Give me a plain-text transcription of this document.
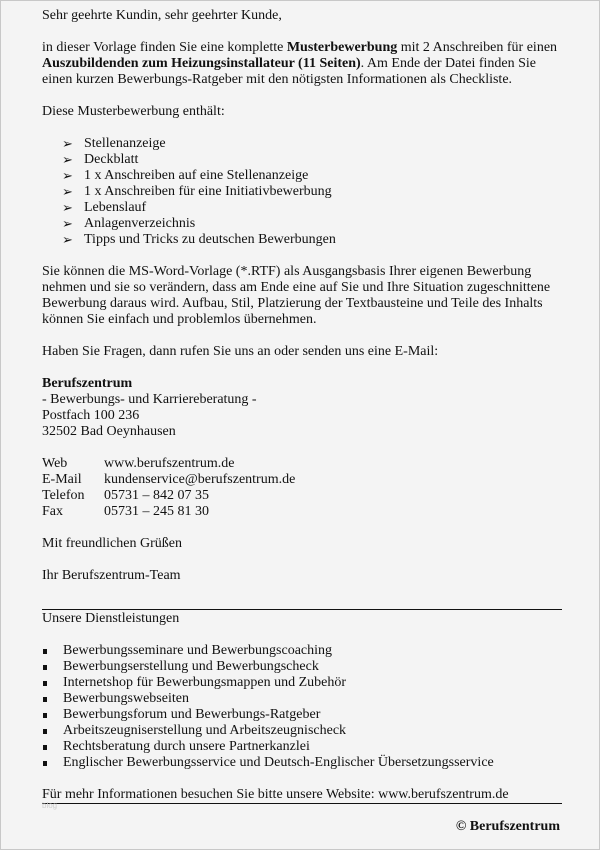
Sehr geehrte Kundin, sehr geehrter Kunde,

in dieser Vorlage finden Sie eine komplette Musterbewerbung mit 2 Anschreiben für einen Auszubildenden zum Heizungsinstallateur (11 Seiten). Am Ende der Datei finden Sie einen kurzen Bewerbungs-Ratgeber mit den nötigsten Informationen als Checkliste.

Diese Musterbewerbung enthält:

➢ Stellenanzeige
➢ Deckblatt
➢ 1 x Anschreiben auf eine Stellenanzeige
➢ 1 x Anschreiben für eine Initiativbewerbung
➢ Lebenslauf
➢ Anlagenverzeichnis
➢ Tipps und Tricks zu deutschen Bewerbungen

Sie können die MS-Word-Vorlage (*.RTF) als Ausgangsbasis Ihrer eigenen Bewerbung nehmen und sie so verändern, dass am Ende eine auf Sie und Ihre Situation zugeschnittene Bewerbung daraus wird. Aufbau, Stil, Platzierung der Textbausteine und Teile des Inhalts können Sie einfach und problemlos übernehmen.

Haben Sie Fragen, dann rufen Sie uns an oder senden uns eine E-Mail:

Berufszentrum

- Bewerbungs- und Karriereberatung -

Postfach 100 236

32502 Bad Oeynhausen

Web	www.berufszentrum.de
E-Mail	kundenservice@berufszentrum.de
Telefon	05731 – 842 07 35
Fax	05731 – 245 81 30

Mit freundlichen Grüßen

Ihr Berufszentrum-Team

Unsere Dienstleistungen

Bewerbungsseminare und Bewerbungscoaching
Bewerbungserstellung und Bewerbungscheck
Internetshop für Bewerbungsmappen und Zubehör
Bewerbungswebseiten
Bewerbungsforum und Bewerbungs-Ratgeber
Arbeitszeugniserstellung und Arbeitszeugnischeck
Rechtsberatung durch unsere Partnerkanzlei
Englischer Bewerbungsservice und Deutsch-Englischer Übersetzungsservice

Für mehr Informationen besuchen Sie bitte unsere Website: www.berufszentrum.de

blog
© Berufszentrum
